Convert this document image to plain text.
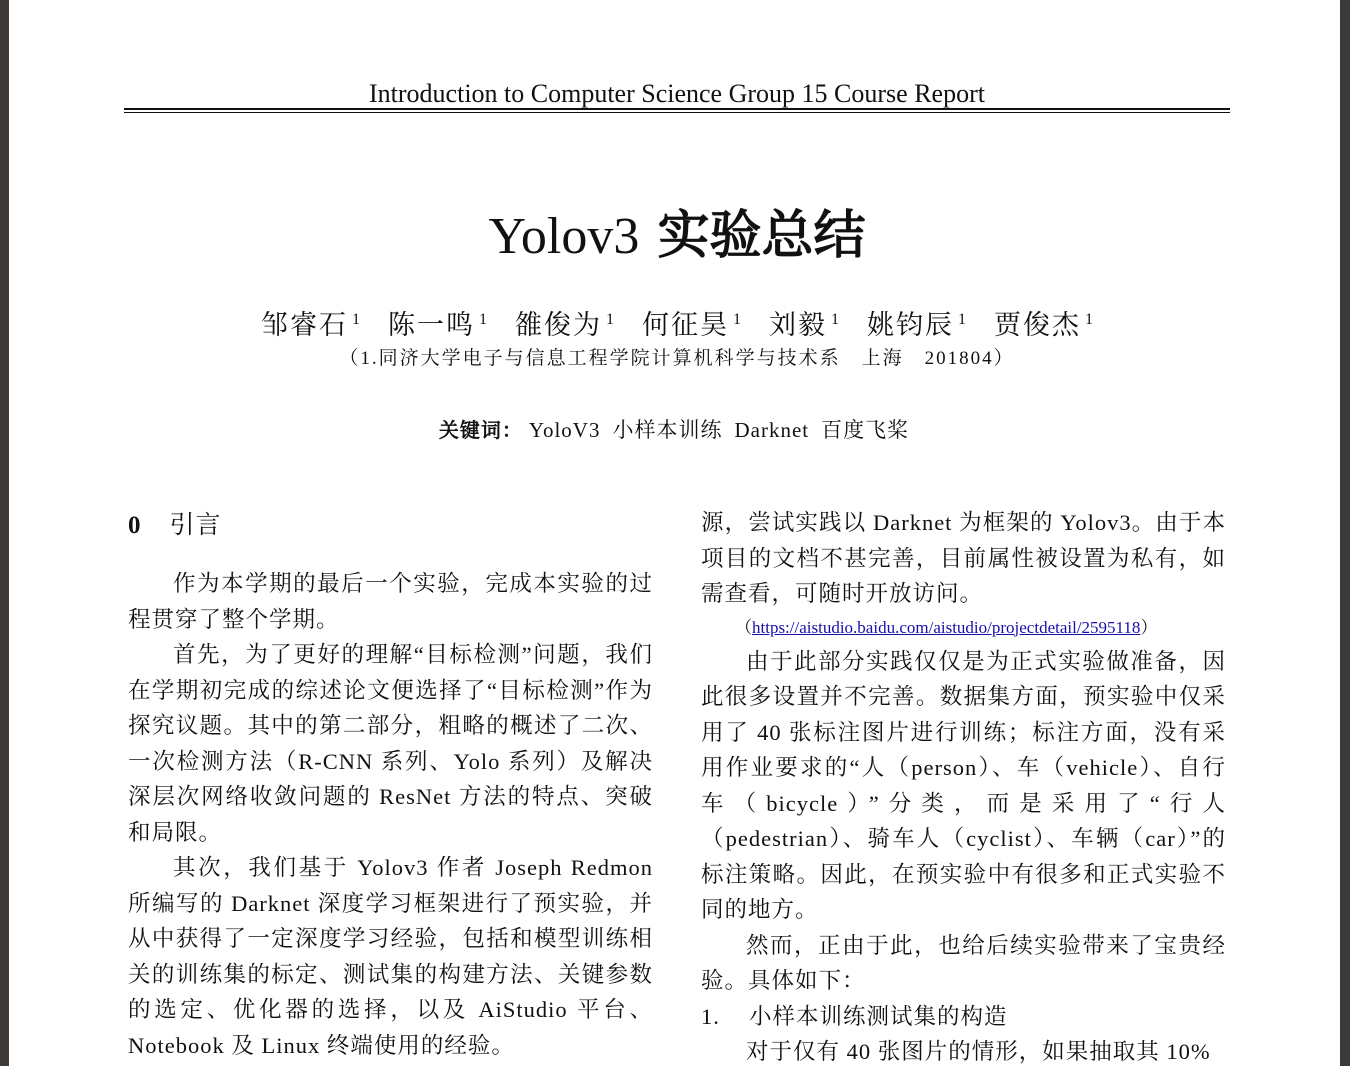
Introduction to Computer Science Group 15 Course Report
Yolov3 实验总结
邹睿石 $^1$ 陈一鸣 $^1$ 雒俊为 $^1$ 何征昊 $^1$ 刘毅 $^1$ 姚钧辰 $^1$ 贾俊杰 $^1$
（1.同济大学电子与信息工程学院计算机科学与技术系　上海　201804）
关键词： YoloV3 小样本训练 Darknet 百度飞桨
0 引言

作为本学期的最后一个实验，完成本实验的过程贯穿了整个学期。

首先，为了更好的理解“目标检测”问题，我们在学期初完成的综述论文便选择了“目标检测”作为探究议题。其中的第二部分，粗略的概述了二次、一次检测方法（R-CNN 系列、Yolo 系列）及解决深层次网络收敛问题的 ResNet 方法的特点、突破和局限。

其次，我们基于 Yolov3 作者 Joseph Redmon 所编写的 Darknet 深度学习框架进行了预实验，并从中获得了一定深度学习经验，包括和模型训练相关的训练集的标定、测试集的构建方法、关键参数的选定、优化器的选择，以及 AiStudio 平台、Notebook 及 Linux 终端使用的经验。

源，尝试实践以 Darknet 为框架的 Yolov3。由于本项目的文档不甚完善，目前属性被设置为私有，如需查看，可随时开放访问。

（https://aistudio.baidu.com/aistudio/projectdetail/2595118）

由于此部分实践仅仅是为正式实验做准备，因此很多设置并不完善。数据集方面，预实验中仅采用了 40 张标注图片进行训练；标注方面，没有采用作业要求的“人（person）、车（vehicle）、自行车（bicycle）”分类，而是采用了“行人（pedestrian）、骑车人（cyclist）、车辆（car）”的标注策略。因此，在预实验中有很多和正式实验不同的地方。

然而，正由于此，也给后续实验带来了宝贵经验。具体如下：

1. 小样本训练测试集的构造

对于仅有 40 张图片的情形，如果抽取其 10%
